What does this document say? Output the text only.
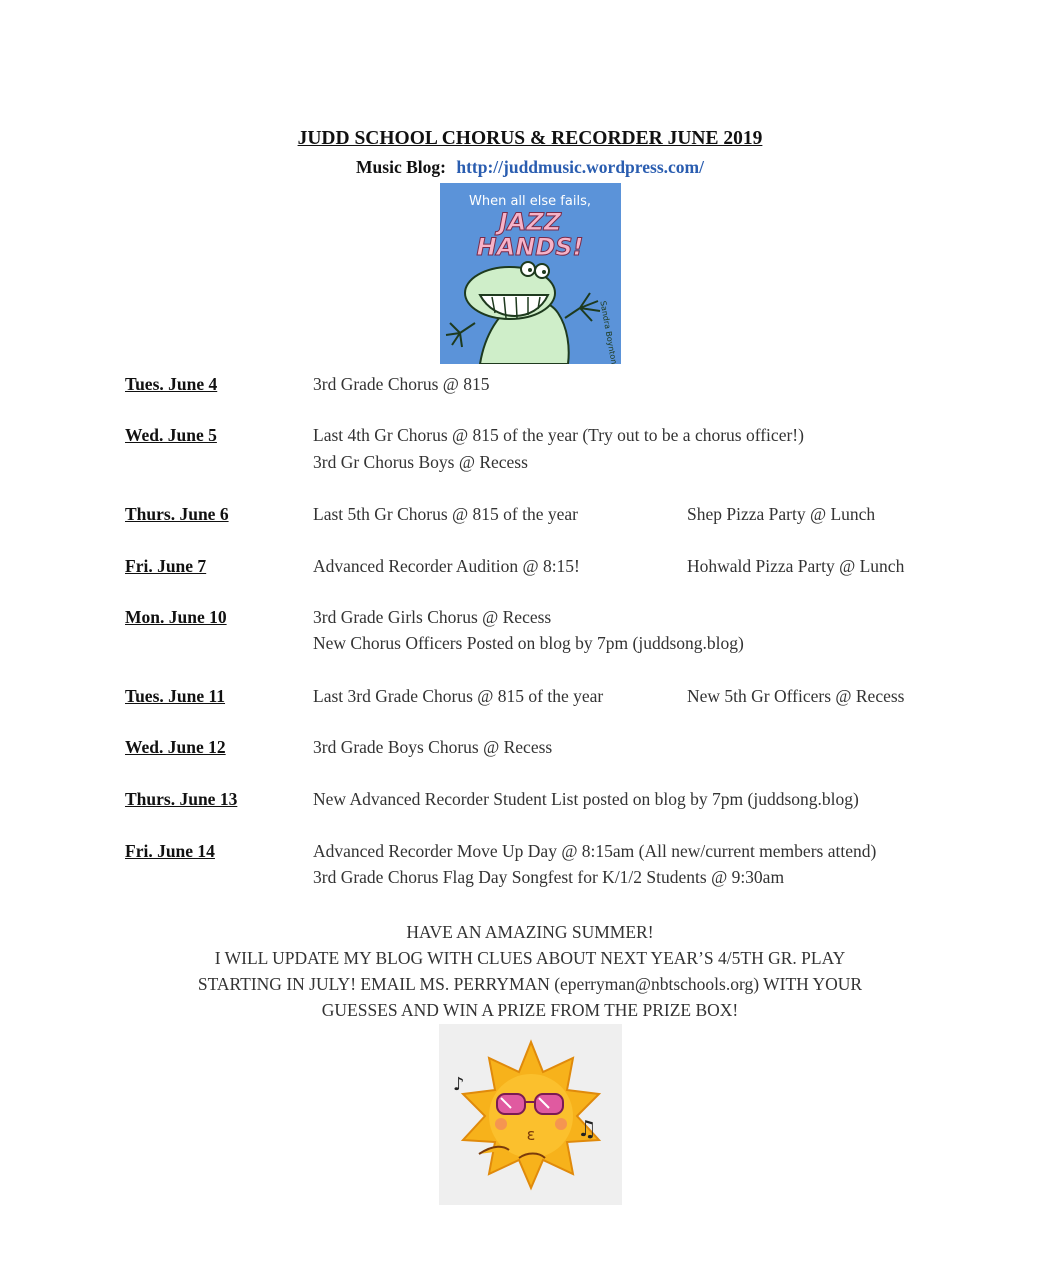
JUDD SCHOOL CHORUS & RECORDER JUNE 2019
Music Blog: http://juddmusic.wordpress.com/
When all else fails,
JAZZ
HANDS!
Sandra Boynton
Tues. June 4	3rd Grade Chorus @ 815
Wed. June 5	Last 4th Gr Chorus @ 815 of the year (Try out to be a chorus officer!)
3rd Gr Chorus Boys @ Recess
Thurs. June 6	Last 5th Gr Chorus @ 815 of the year	Shep Pizza Party @ Lunch
Fri. June 7	Advanced Recorder Audition @ 8:15!	Hohwald Pizza Party @ Lunch
Mon. June 10	3rd Grade Girls Chorus @ Recess
New Chorus Officers Posted on blog by 7pm (juddsong.blog)
Tues. June 11	Last 3rd Grade Chorus @ 815 of the year	New 5th Gr Officers @ Recess
Wed. June 12	3rd Grade Boys Chorus @ Recess
Thurs. June 13	New Advanced Recorder Student List posted on blog by 7pm (juddsong.blog)
Fri. June 14	Advanced Recorder Move Up Day @ 8:15am (All new/current members attend)
3rd Grade Chorus Flag Day Songfest for K/1/2 Students @ 9:30am
HAVE AN AMAZING SUMMER!
I WILL UPDATE MY BLOG WITH CLUES ABOUT NEXT YEAR’S 4/5TH GR. PLAY
STARTING IN JULY! EMAIL MS. PERRYMAN (eperryman@nbtschools.org) WITH YOUR
GUESSES AND WIN A PRIZE FROM THE PRIZE BOX!
ε
♪
♫
